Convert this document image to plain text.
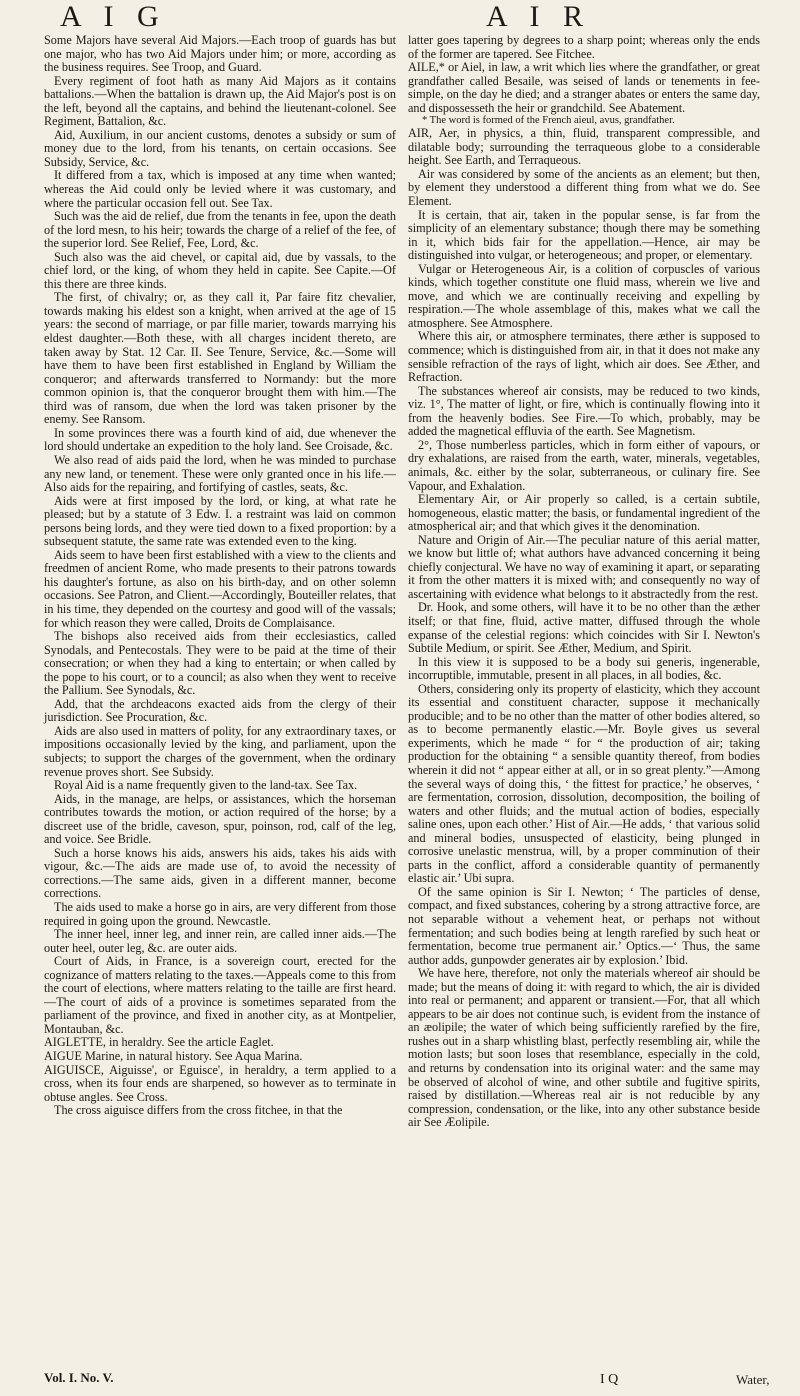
A I G	A I R

Some Majors have several Aid Majors.—Each troop of guards has but one major, who has two Aid Majors under him; or more, according as the business requires. See Troop, and Guard.

Every regiment of foot hath as many Aid Majors as it contains battalions.—When the battalion is drawn up, the Aid Major's post is on the left, beyond all the captains, and behind the lieutenant-colonel. See Regiment, Battalion, &c.

Aid, Auxilium, in our ancient customs, denotes a subsidy or sum of money due to the lord, from his tenants, on certain occasions. See Subsidy, Service, &c.

It differed from a tax, which is imposed at any time when wanted; whereas the Aid could only be levied where it was customary, and where the particular occasion fell out. See Tax.

Such was the aid de relief, due from the tenants in fee, upon the death of the lord mesn, to his heir; towards the charge of a relief of the fee, of the superior lord. See Relief, Fee, Lord, &c.

Such also was the aid chevel, or capital aid, due by vassals, to the chief lord, or the king, of whom they held in capite. See Capite.—Of this there are three kinds.

The first, of chivalry; or, as they call it, Par faire fitz chevalier, towards making his eldest son a knight, when arrived at the age of 15 years: the second of marriage, or par fille marier, towards marrying his eldest daughter.—Both these, with all charges incident thereto, are taken away by Stat. 12 Car. II. See Tenure, Service, &c.—Some will have them to have been first established in England by William the conqueror; and afterwards transferred to Normandy: but the more common opinion is, that the conqueror brought them with him.—The third was of ransom, due when the lord was taken prisoner by the enemy. See Ransom.

In some provinces there was a fourth kind of aid, due whenever the lord should undertake an expedition to the holy land. See Croisade, &c.

We also read of aids paid the lord, when he was minded to purchase any new land, or tenement. These were only granted once in his life.—Also aids for the repairing, and fortifying of castles, seats, &c.

Aids were at first imposed by the lord, or king, at what rate he pleased; but by a statute of 3 Edw. I. a restraint was laid on common persons being lords, and they were tied down to a fixed proportion: by a subsequent statute, the same rate was extended even to the king.

Aids seem to have been first established with a view to the clients and freedmen of ancient Rome, who made presents to their patrons towards his daughter's fortune, as also on his birth-day, and on other solemn occasions. See Patron, and Client.—Accordingly, Bouteiller relates, that in his time, they depended on the courtesy and good will of the vassals; for which reason they were called, Droits de Complaisance.

The bishops also received aids from their ecclesiastics, called Synodals, and Pentecostals. They were to be paid at the time of their consecration; or when they had a king to entertain; or when called by the pope to his court, or to a council; as also when they went to receive the Pallium. See Synodals, &c.

Add, that the archdeacons exacted aids from the clergy of their jurisdiction. See Procuration, &c.

Aids are also used in matters of polity, for any extraordinary taxes, or impositions occasionally levied by the king, and parliament, upon the subjects; to support the charges of the government, when the ordinary revenue proves short. See Subsidy.

Royal Aid is a name frequently given to the land-tax. See Tax.

Aids, in the manage, are helps, or assistances, which the horseman contributes towards the motion, or action required of the horse; by a discreet use of the bridle, caveson, spur, poinson, rod, calf of the leg, and voice. See Bridle.

Such a horse knows his aids, answers his aids, takes his aids with vigour, &c.—The aids are made use of, to avoid the necessity of corrections.—The same aids, given in a different manner, become corrections.

The aids used to make a horse go in airs, are very different from those required in going upon the ground. Newcastle.

The inner heel, inner leg, and inner rein, are called inner aids.—The outer heel, outer leg, &c. are outer aids.

Court of Aids, in France, is a sovereign court, erected for the cognizance of matters relating to the taxes.—Appeals come to this from the court of elections, where matters relating to the taille are first heard.—The court of aids of a province is sometimes separated from the parliament of the province, and fixed in another city, as at Montpelier, Montauban, &c.

AIGLETTE, in heraldry. See the article Eaglet.

AIGUE Marine, in natural history. See Aqua Marina.

AIGUISCE, Aiguisse', or Eguisce', in heraldry, a term applied to a cross, when its four ends are sharpened, so however as to terminate in obtuse angles. See Cross.

The cross aiguisce differs from the cross fitchee, in that the

latter goes tapering by degrees to a sharp point; whereas only the ends of the former are tapered. See Fitchee.

AILE,* or Aiel, in law, a writ which lies where the grandfather, or great grandfather called Besaile, was seised of lands or tenements in fee-simple, on the day he died; and a stranger abates or enters the same day, and dispossesseth the heir or grandchild. See Abatement.

* The word is formed of the French aieul, avus, grandfather.

AIR, Aer, in physics, a thin, fluid, transparent compressible, and dilatable body; surrounding the terraqueous globe to a considerable height. See Earth, and Terraqueous.

Air was considered by some of the ancients as an element; but then, by element they understood a different thing from what we do. See Element.

It is certain, that air, taken in the popular sense, is far from the simplicity of an elementary substance; though there may be something in it, which bids fair for the appellation.—Hence, air may be distinguished into vulgar, or heterogeneous; and proper, or elementary.

Vulgar or Heterogeneous Air, is a colition of corpuscles of various kinds, which together constitute one fluid mass, wherein we live and move, and which we are continually receiving and expelling by respiration.—The whole assemblage of this, makes what we call the atmosphere. See Atmosphere.

Where this air, or atmosphere terminates, there æther is supposed to commence; which is distinguished from air, in that it does not make any sensible refraction of the rays of light, which air does. See Æther, and Refraction.

The substances whereof air consists, may be reduced to two kinds, viz. 1°, The matter of light, or fire, which is continually flowing into it from the heavenly bodies. See Fire.—To which, probably, may be added the magnetical effluvia of the earth. See Magnetism.

2°, Those numberless particles, which in form either of vapours, or dry exhalations, are raised from the earth, water, minerals, vegetables, animals, &c. either by the solar, subterraneous, or culinary fire. See Vapour, and Exhalation.

Elementary Air, or Air properly so called, is a certain subtile, homogeneous, elastic matter; the basis, or fundamental ingredient of the atmospherical air; and that which gives it the denomination.

Nature and Origin of Air.—The peculiar nature of this aerial matter, we know but little of; what authors have advanced concerning it being chiefly conjectural. We have no way of examining it apart, or separating it from the other matters it is mixed with; and consequently no way of ascertaining with evidence what belongs to it abstractedly from the rest.

Dr. Hook, and some others, will have it to be no other than the æther itself; or that fine, fluid, active matter, diffused through the whole expanse of the celestial regions: which coincides with Sir I. Newton's Subtile Medium, or spirit. See Æther, Medium, and Spirit.

In this view it is supposed to be a body sui generis, ingenerable, incorruptible, immutable, present in all places, in all bodies, &c.

Others, considering only its property of elasticity, which they account its essential and constituent character, suppose it mechanically producible; and to be no other than the matter of other bodies altered, so as to become permanently elastic.—Mr. Boyle gives us several experiments, which he made “ for “ the production of air; taking production for the obtaining “ a sensible quantity thereof, from bodies wherein it did not “ appear either at all, or in so great plenty.”—Among the several ways of doing this, ‘ the fittest for practice,’ he observes, ‘ are fermentation, corrosion, dissolution, decomposition, the boiling of waters and other fluids; and the mutual action of bodies, especially saline ones, upon each other.’ Hist of Air.—He adds, ‘ that various solid and mineral bodies, unsuspected of elasticity, being plunged in corrosive unelastic menstrua, will, by a proper comminution of their parts in the conflict, afford a considerable quantity of permanently elastic air.’ Ubi supra.

Of the same opinion is Sir I. Newton; ‘ The particles of dense, compact, and fixed substances, cohering by a strong attractive force, are not separable without a vehement heat, or perhaps not without fermentation; and such bodies being at length rarefied by such heat or fermentation, become true permanent air.’ Optics.—‘ Thus, the same author adds, gunpowder generates air by explosion.’ Ibid.

We have here, therefore, not only the materials whereof air should be made; but the means of doing it: with regard to which, the air is divided into real or permanent; and apparent or transient.—For, that all which appears to be air does not continue such, is evident from the instance of an æolipile; the water of which being sufficiently rarefied by the fire, rushes out in a sharp whistling blast, perfectly resembling air, while the motion lasts; but soon loses that resemblance, especially in the cold, and returns by condensation into its original water: and the same may be observed of alcohol of wine, and other subtile and fugitive spirits, raised by distillation.—Whereas real air is not reducible by any compression, condensation, or the like, into any other substance beside air See Æolipile.

Vol. I. No. V.	I Q	Water,
